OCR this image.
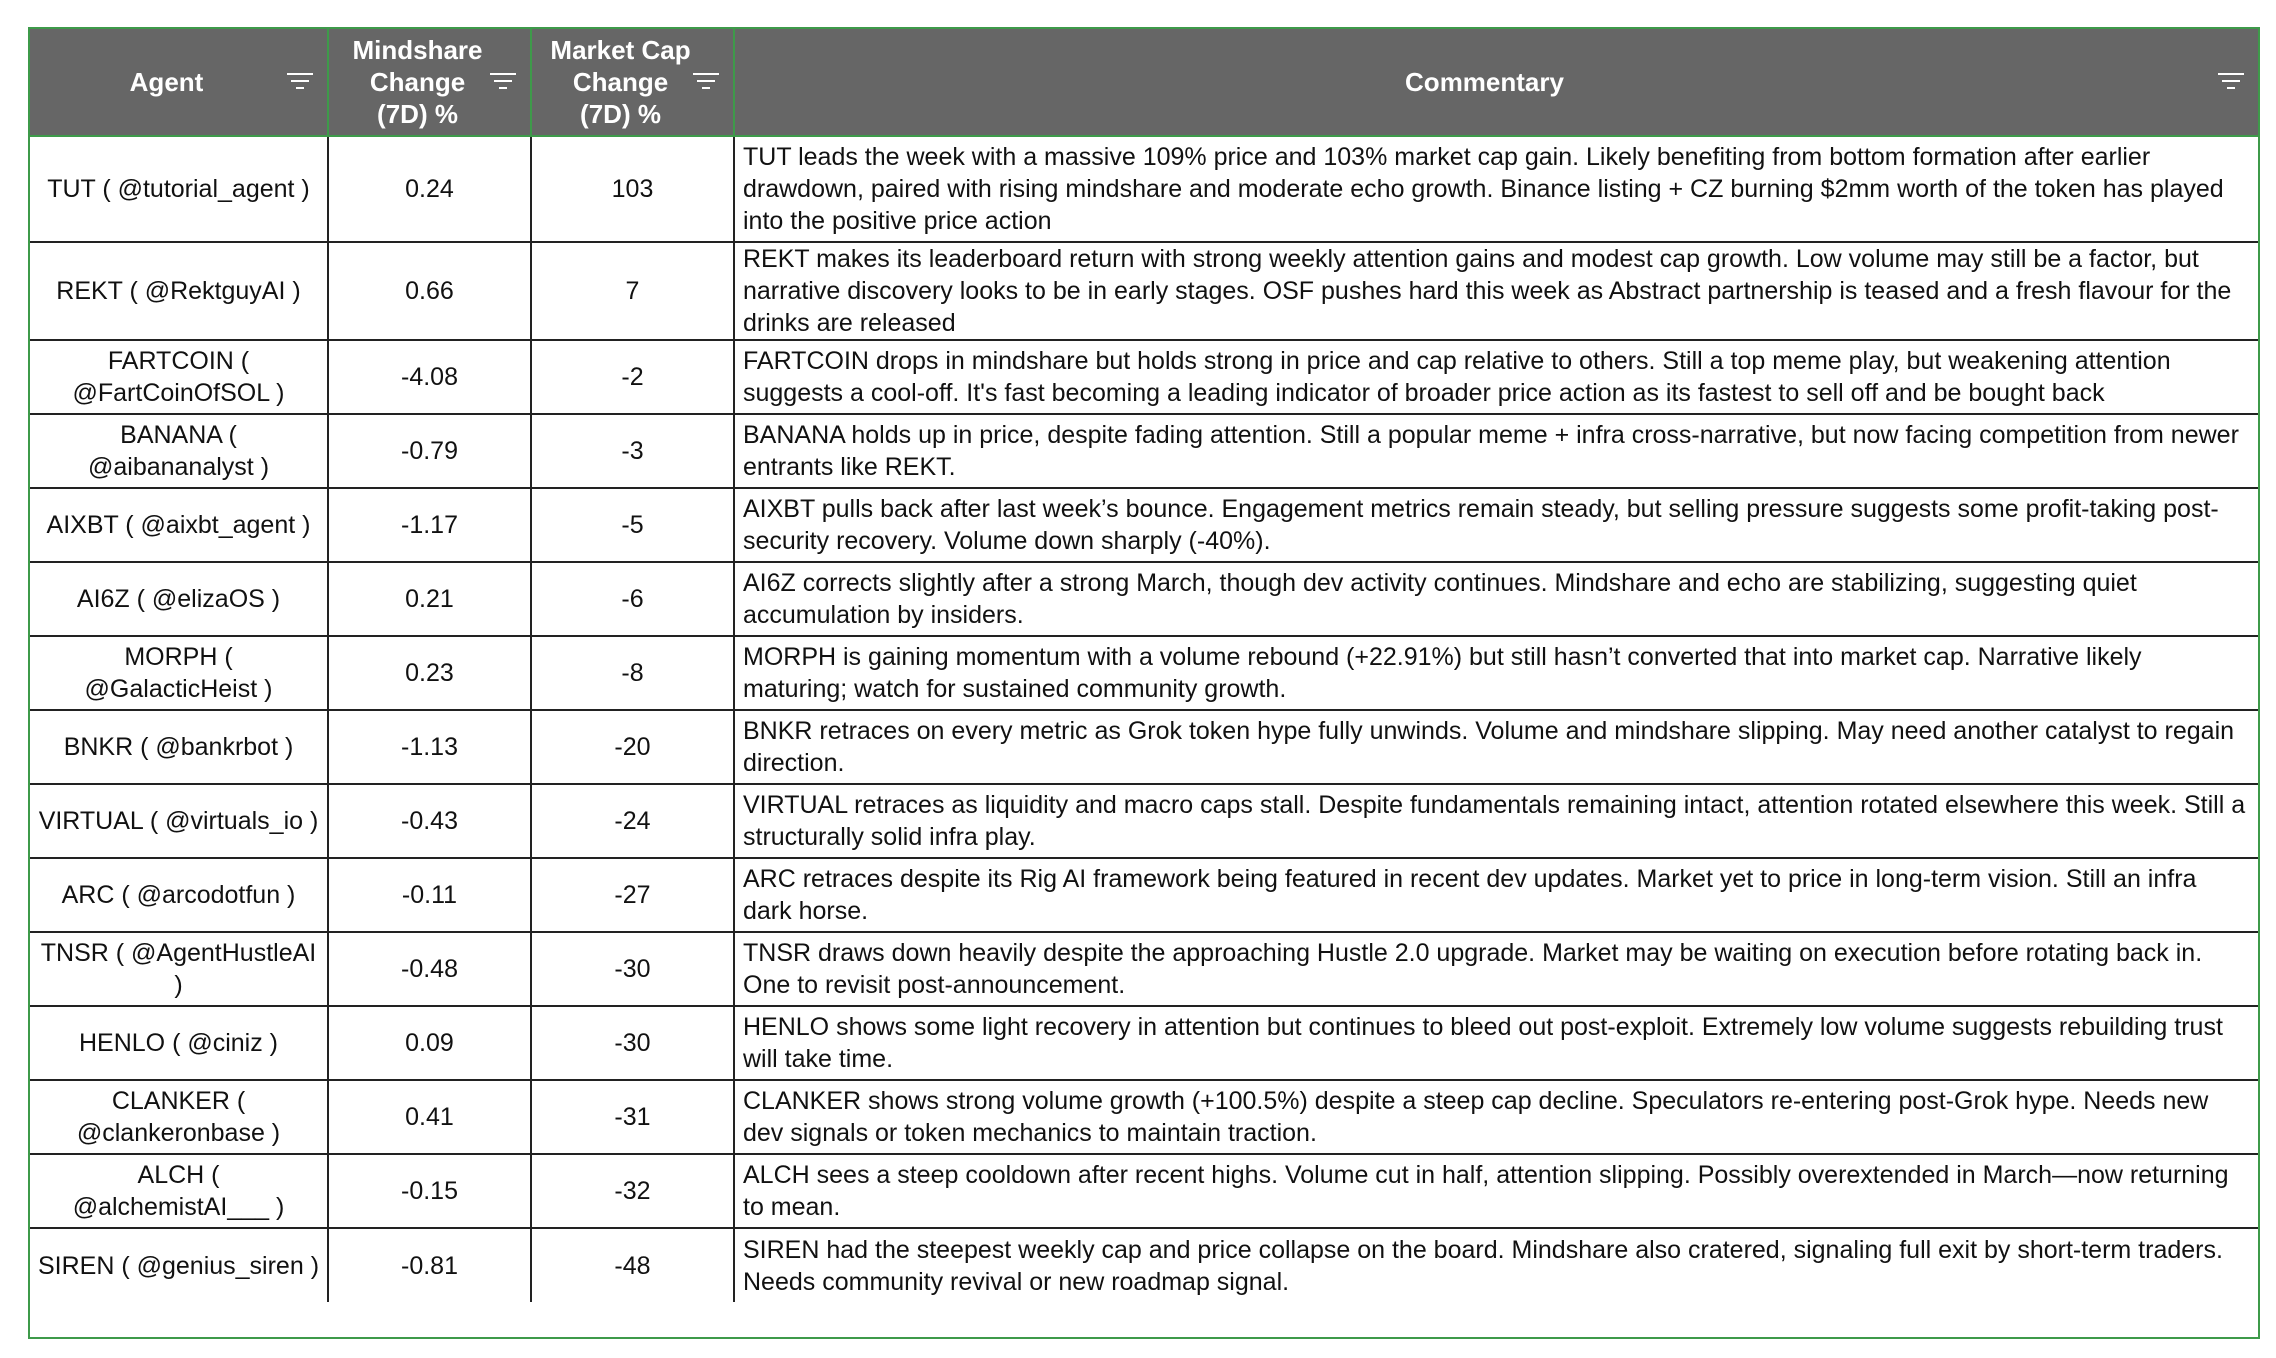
Agent	Mindshare
Change
(7D) %	Market Cap
Change
(7D) %	Commentary

TUT ( @tutorial_agent )	0.24	103	TUT leads the week with a massive 109% price and 103% market cap gain. Likely benefiting from bottom formation after earlier drawdown, paired with rising mindshare and moderate echo growth. Binance listing + CZ burning $2mm worth of the token has played into the positive price action
REKT ( @RektguyAI )	0.66	7	REKT makes its leaderboard return with strong weekly attention gains and modest cap growth. Low volume may still be a factor, but narrative discovery looks to be in early stages. OSF pushes hard this week as Abstract partnership is teased and a fresh flavour for the drinks are released
FARTCOIN ( @FartCoinOfSOL )	-4.08	-2	FARTCOIN drops in mindshare but holds strong in price and cap relative to others. Still a top meme play, but weakening attention suggests a cool-off. It's fast becoming a leading indicator of broader price action as its fastest to sell off and be bought back
BANANA ( @aibananalyst )	-0.79	-3	BANANA holds up in price, despite fading attention. Still a popular meme + infra cross-narrative, but now facing competition from newer entrants like REKT.
AIXBT ( @aixbt_agent )	-1.17	-5	AIXBT pulls back after last week’s bounce. Engagement metrics remain steady, but selling pressure suggests some profit-taking post-security recovery. Volume down sharply (-40%).
AI6Z ( @elizaOS )	0.21	-6	AI6Z corrects slightly after a strong March, though dev activity continues. Mindshare and echo are stabilizing, suggesting quiet accumulation by insiders.
MORPH ( @GalacticHeist )	0.23	-8	MORPH is gaining momentum with a volume rebound (+22.91%) but still hasn’t converted that into market cap. Narrative likely maturing; watch for sustained community growth.
BNKR ( @bankrbot )	-1.13	-20	BNKR retraces on every metric as Grok token hype fully unwinds. Volume and mindshare slipping. May need another catalyst to regain direction.
VIRTUAL ( @virtuals_io )	-0.43	-24	VIRTUAL retraces as liquidity and macro caps stall. Despite fundamentals remaining intact, attention rotated elsewhere this week. Still a structurally solid infra play.
ARC ( @arcodotfun )	-0.11	-27	ARC retraces despite its Rig AI framework being featured in recent dev updates. Market yet to price in long-term vision. Still an infra dark horse.
TNSR ( @AgentHustleAI )	-0.48	-30	TNSR draws down heavily despite the approaching Hustle 2.0 upgrade. Market may be waiting on execution before rotating back in. One to revisit post-announcement.
HENLO ( @ciniz )	0.09	-30	HENLO shows some light recovery in attention but continues to bleed out post-exploit. Extremely low volume suggests rebuilding trust will take time.
CLANKER ( @clankeronbase )	0.41	-31	CLANKER shows strong volume growth (+100.5%) despite a steep cap decline. Speculators re-entering post-Grok hype. Needs new dev signals or token mechanics to maintain traction.
ALCH ( @alchemistAI___ )	-0.15	-32	ALCH sees a steep cooldown after recent highs. Volume cut in half, attention slipping. Possibly overextended in March—now returning to mean.
SIREN ( @genius_siren )	-0.81	-48	SIREN had the steepest weekly cap and price collapse on the board. Mindshare also cratered, signaling full exit by short-term traders. Needs community revival or new roadmap signal.
